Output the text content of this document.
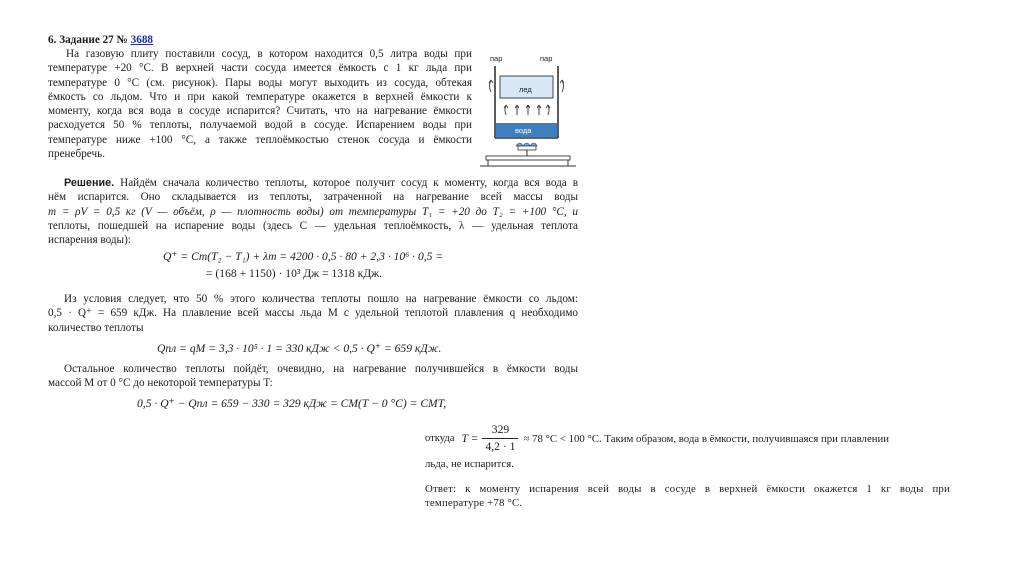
6. Задание 27 № 3688
На газовую плиту поставили сосуд, в котором находится 0,5 литра воды при
температуре +20 °C. В верхней части сосуда имеется ёмкость с 1 кг льда при
температуре 0 °C (см. рисунок). Пары воды могут выходить из сосуда, обтекая
ёмкость со льдом. Что и при какой температуре окажется в верхней ёмкости к
моменту, когда вся вода в сосуде испарится? Считать, что на нагревание ёмкости
расходуется 50 % теплоты, получаемой водой в сосуде. Испарением воды при
температуре ниже +100 °C, а также теплоёмкостью стенок сосуда и ёмкости
пренебречь.
пар	пар
лед
вода
Решение. Найдём сначала количество теплоты, которое получит сосуд к моменту, когда вся вода в
нём испарится. Оно складывается из теплоты, затраченной на нагревание всей массы воды
m = ρV = 0,5 кг (V — объём, ρ — плотность воды) от температуры T₁ = +20 до T₂ = +100 °C, и
теплоты, пошедшей на испарение воды (здесь C — удельная теплоёмкость, λ — удельная теплота
испарения воды):
Q⁺ = Cm(T₂ − T₁) + λm = 4200 · 0,5 · 80 + 2,3 · 10⁶ · 0,5 =
= (168 + 1150) · 10³ Дж = 1318 кДж.
Из условия следует, что 50 % этого количества теплоты пошло на нагревание ёмкости со льдом:
0,5 · Q⁺ = 659 кДж. На плавление всей массы льда M с удельной теплотой плавления q необходимо
количество теплоты
Qпл = qM = 3,3 · 10⁵ · 1 = 330 кДж < 0,5 · Q⁺ = 659 кДж.
Остальное количество теплоты пойдёт, очевидно, на нагревание получившейся в ёмкости воды
массой M от 0 °C до некоторой температуры T:
0,5 · Q⁺ − Qпл = 659 − 330 = 329 кДж = CM(T − 0 °C) = CMT,
откуда $T = \frac{329}{4,2 \cdot 1} \approx 78$ °C < 100 °C. Таким образом, вода в ёмкости, получившаяся при плавлении
льда, не испарится.
Ответ: к моменту испарения всей воды в сосуде в верхней ёмкости окажется 1 кг воды при
температуре +78 °C.
